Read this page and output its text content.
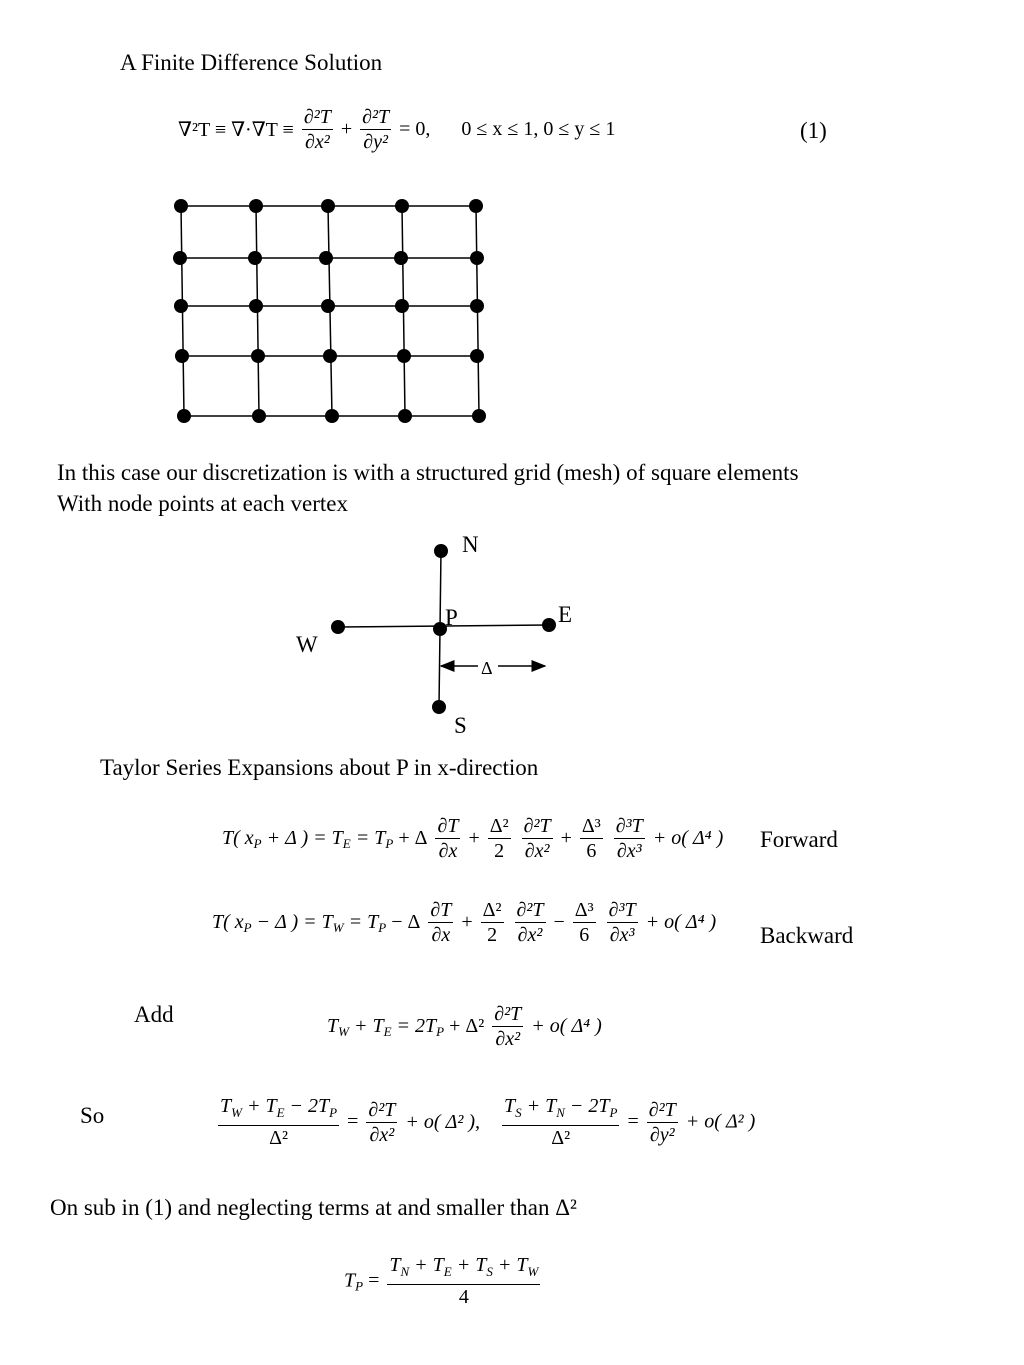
A Finite Difference Solution
$\nabla^2T \equiv \nabla\cdot\nabla T \equiv \frac{\text{∂²T}}{\text{∂x²}} + \frac{\text{∂²T}}{\text{∂y²}} = 0$, 0 ≤ x ≤ 1, 0 ≤ y ≤ 1	(1)
In this case our discretization is with a structured grid (mesh) of square elements
With node points at each vertex
N
P	E
W
S
Δ
Taylor Series Expansions about P in x-direction
T( $x_P + \Delta$ ) = $T_E = T_P + \Delta \frac{\partial T}{\partial x} + \frac{\text{Δ²}}{2}$
$\frac{\text{∂²T}}{\text{∂x²}} + \frac{\text{Δ³}}{6}$
$\frac{\text{∂³T}}{\text{∂x³}} + o$( Δ⁴ ) Forward
T( $x_P - \Delta$ ) = $T_W = T_P - \Delta \frac{\partial T}{\partial x} + \frac{\text{Δ²}}{2}$
$\frac{\text{∂²T}}{\text{∂x²}} - \frac{\text{Δ³}}{6}$
$\frac{\text{∂³T}}{\text{∂x³}} + o$( Δ⁴ )
Backward
Add	$T_W + T_E = 2T_P + \Delta^2 \frac{\text{∂²T}}{\text{∂x²}} + o$( Δ⁴ )
So	$\frac{T_W + T_E - 2T_P}{\text{Δ²}} = \frac{\text{∂²T}}{\text{∂x²}} + o$( Δ² ), $\frac{T_S + T_N - 2T_P}{\text{Δ²}} = \frac{\text{∂²T}}{\text{∂y²}} + o$( Δ² )
On sub in (1) and neglecting terms at and smaller than Δ²
$T_P = \frac{T_N + T_E + T_S + T_W}{4}$
